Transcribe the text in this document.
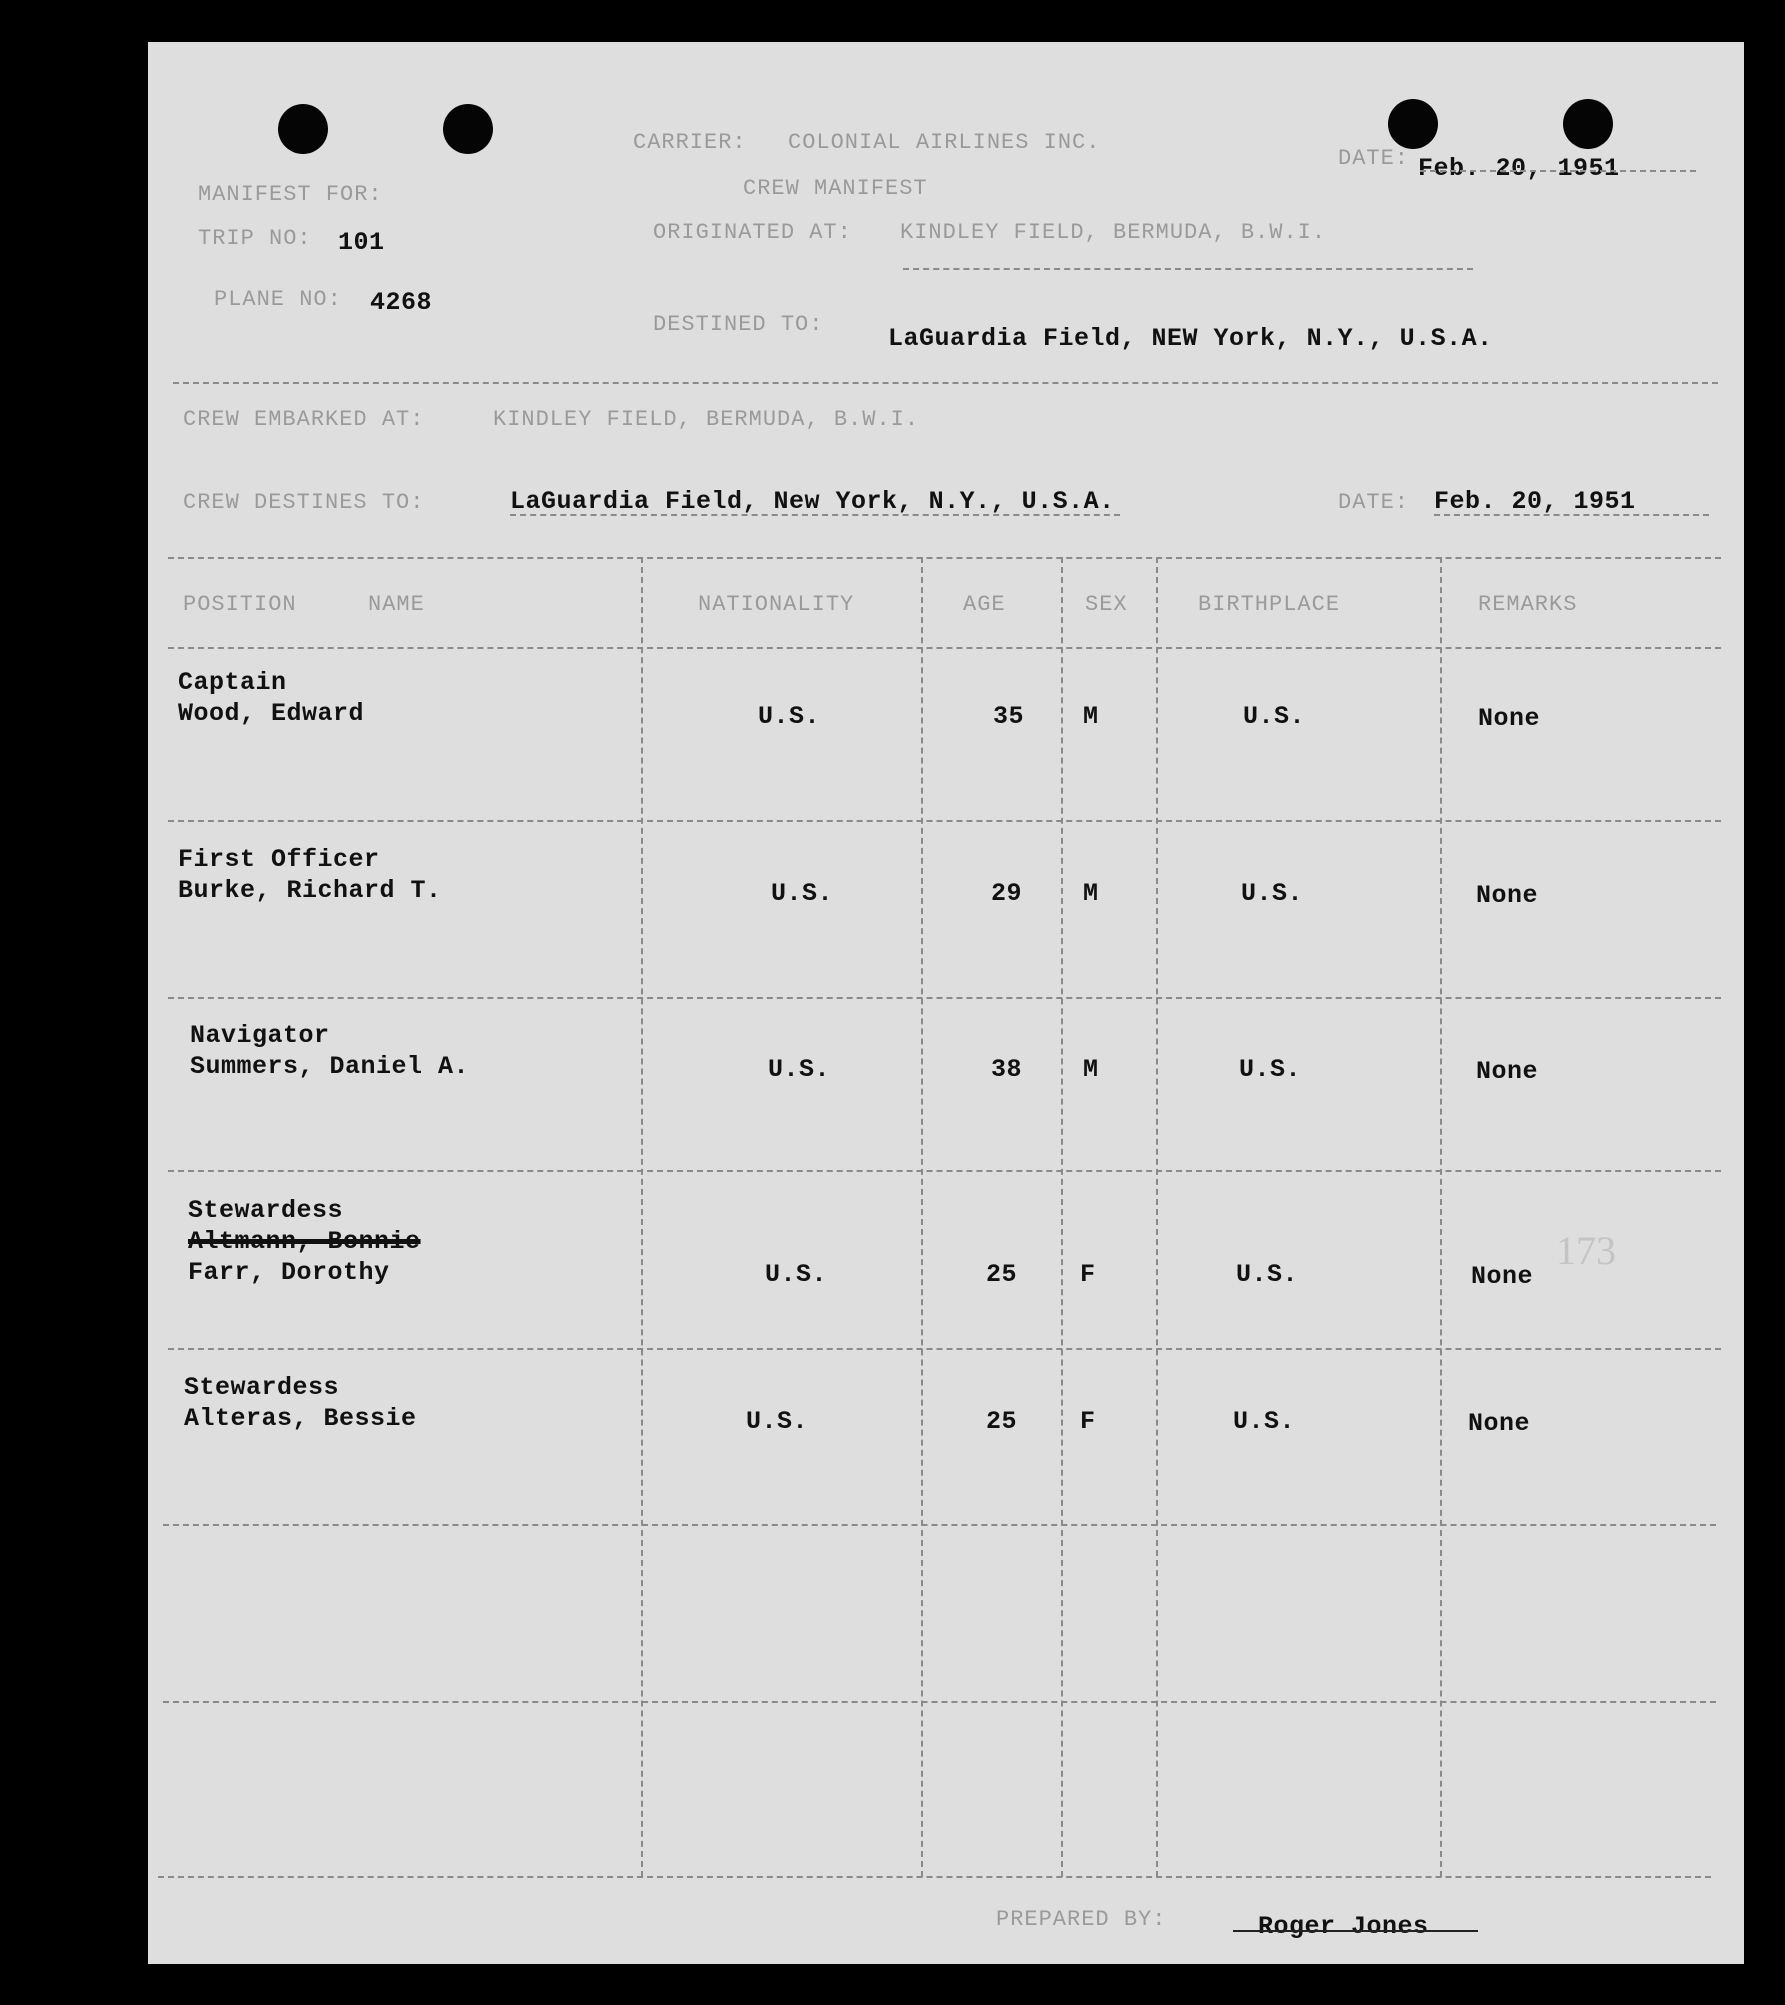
CARRIER: COLONIAL AIRLINES INC.
CREW MANIFEST
DATE: Feb. 20, 1951
MANIFEST FOR:
TRIP NO: 101
PLANE NO: 4268
ORIGINATED AT: KINDLEY FIELD, BERMUDA, B.W.I.
DESTINED TO:	LaGuardia Field, NEW York, N.Y., U.S.A.
CREW EMBARKED AT:	KINDLEY FIELD, BERMUDA, B.W.I.
CREW DESTINES TO:	LaGuardia Field, New York, N.Y., U.S.A.	DATE: Feb. 20, 1951
POSITION	NAME	NATIONALITY	AGE	SEX	BIRTHPLACE	REMARKS
Captain
Wood, Edward	U.S.	35 M	U.S.	None
First Officer
Burke, Richard T.	U.S.	29 M	U.S.	None
Navigator
Summers, Daniel A.	U.S.	38 M	U.S.	None
Stewardess
Altmann, Bonnie
Farr, Dorothy	U.S.	25	F	U.S.	None
173
Stewardess
Alteras, Bessie	U.S.	25	F	U.S.	None
PREPARED BY:	Roger Jones
